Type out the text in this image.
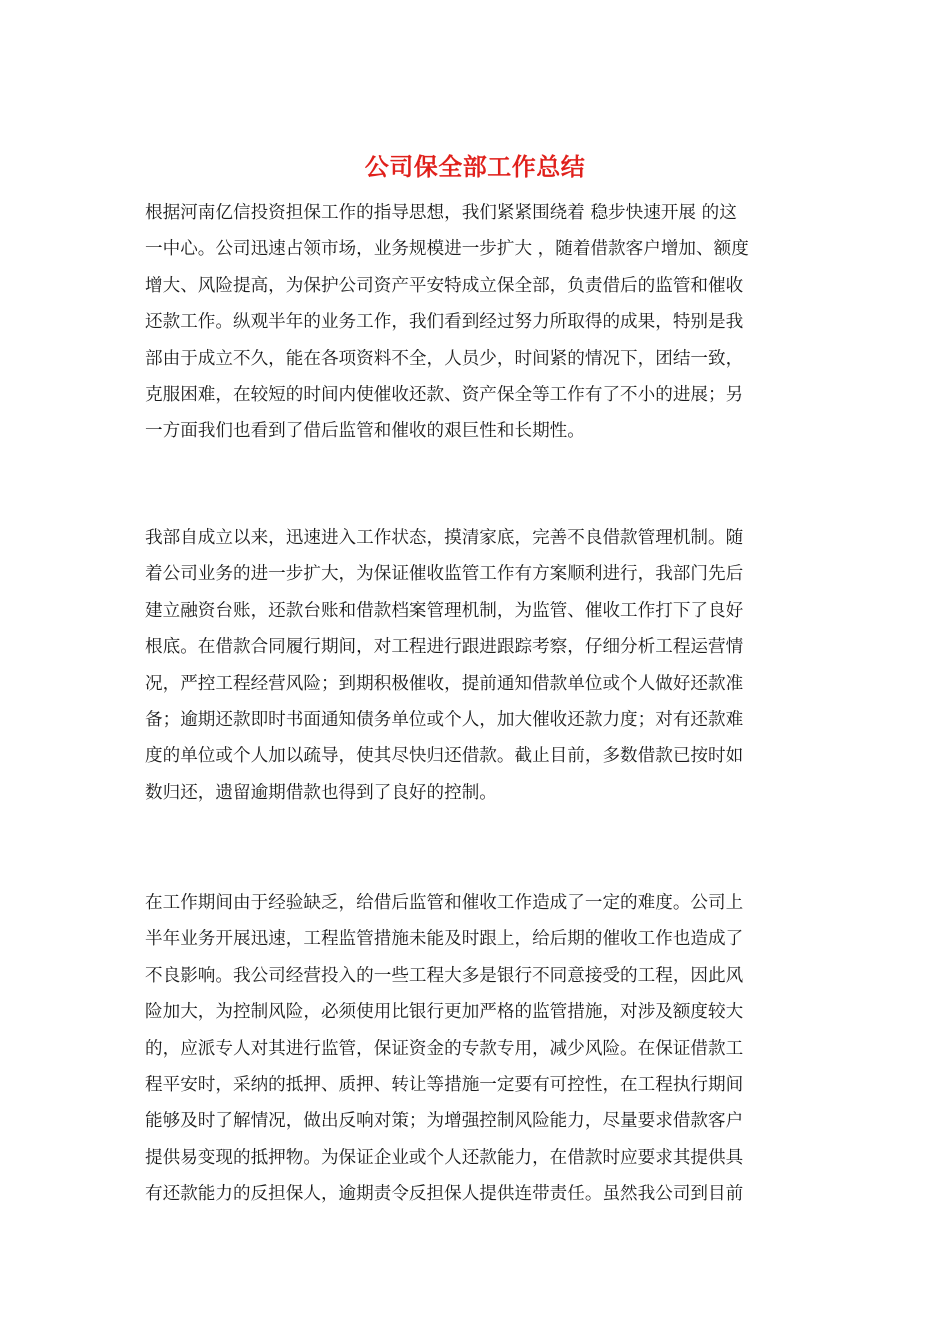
公司保全部工作总结
根据河南亿信投资担保工作的指导思想，我们紧紧围绕着 稳步快速开展 的这
一中心。公司迅速占领市场，业务规模进一步扩大 ，随着借款客户增加、额度
增大、风险提高，为保护公司资产平安特成立保全部，负责借后的监管和催收
还款工作。纵观半年的业务工作，我们看到经过努力所取得的成果，特别是我
部由于成立不久，能在各项资料不全，人员少，时间紧的情况下，团结一致，
克服困难，在较短的时间内使催收还款、资产保全等工作有了不小的进展；另
一方面我们也看到了借后监管和催收的艰巨性和长期性。
我部自成立以来，迅速进入工作状态，摸清家底，完善不良借款管理机制。随
着公司业务的进一步扩大，为保证催收监管工作有方案顺利进行，我部门先后
建立融资台账，还款台账和借款档案管理机制，为监管、催收工作打下了良好
根底。在借款合同履行期间，对工程进行跟进跟踪考察，仔细分析工程运营情
况，严控工程经营风险；到期积极催收，提前通知借款单位或个人做好还款准
备；逾期还款即时书面通知债务单位或个人，加大催收还款力度；对有还款难
度的单位或个人加以疏导，使其尽快归还借款。截止目前，多数借款已按时如
数归还，遗留逾期借款也得到了良好的控制。
在工作期间由于经验缺乏，给借后监管和催收工作造成了一定的难度。公司上
半年业务开展迅速，工程监管措施未能及时跟上，给后期的催收工作也造成了
不良影响。我公司经营投入的一些工程大多是银行不同意接受的工程，因此风
险加大，为控制风险，必须使用比银行更加严格的监管措施，对涉及额度较大
的，应派专人对其进行监管，保证资金的专款专用，减少风险。在保证借款工
程平安时，采纳的抵押、质押、转让等措施一定要有可控性，在工程执行期间
能够及时了解情况，做出反响对策；为增强控制风险能力，尽量要求借款客户
提供易变现的抵押物。为保证企业或个人还款能力，在借款时应要求其提供具
有还款能力的反担保人，逾期责令反担保人提供连带责任。虽然我公司到目前
